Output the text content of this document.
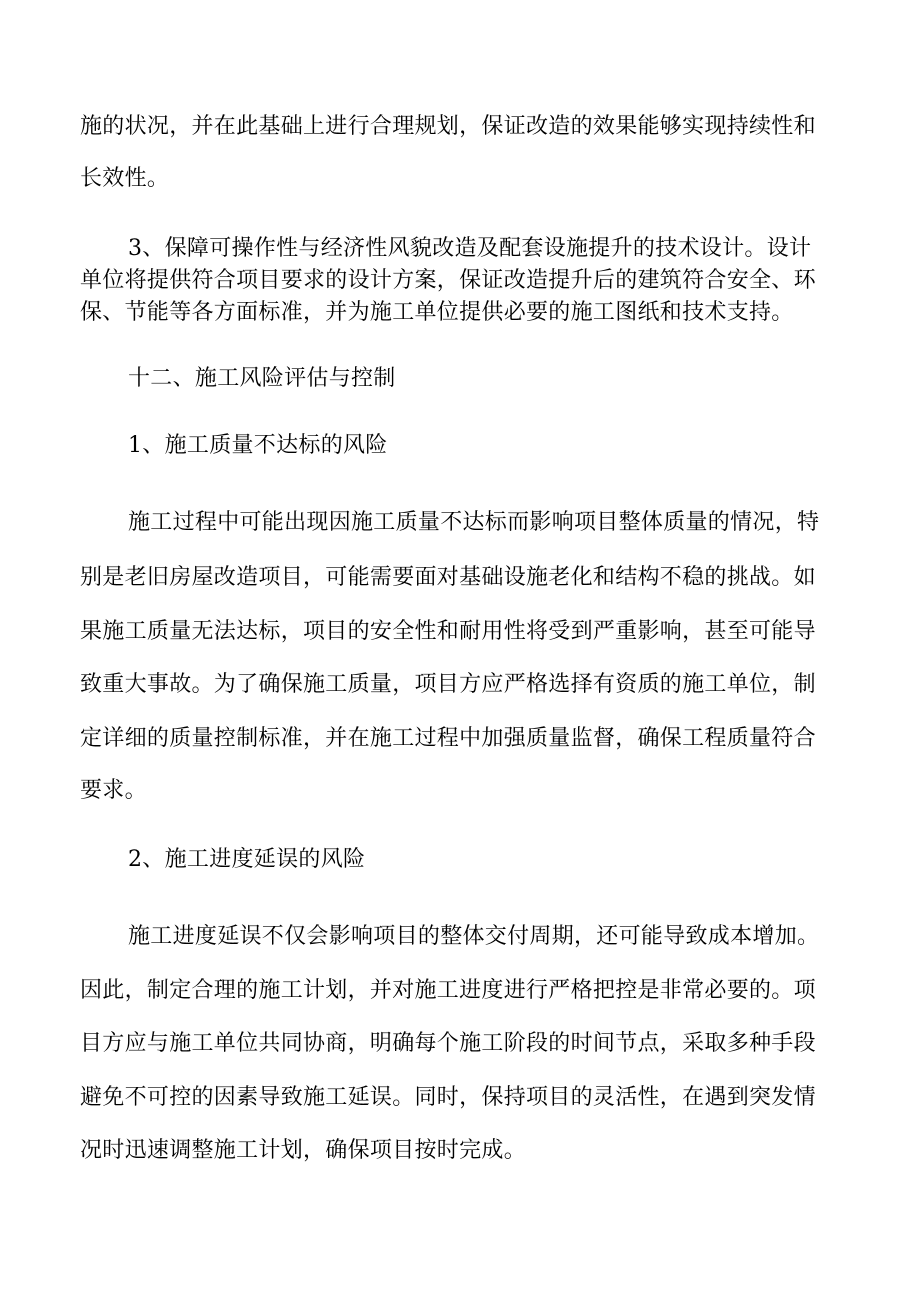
施的状况，并在此基础上进行合理规划，保证改造的效果能够实现持续性和
长效性。
3、保障可操作性与经济性风貌改造及配套设施提升的技术设计。设计
单位将提供符合项目要求的设计方案，保证改造提升后的建筑符合安全、环
保、节能等各方面标准，并为施工单位提供必要的施工图纸和技术支持。
十二、施工风险评估与控制
1、施工质量不达标的风险
施工过程中可能出现因施工质量不达标而影响项目整体质量的情况，特
别是老旧房屋改造项目，可能需要面对基础设施老化和结构不稳的挑战。如
果施工质量无法达标，项目的安全性和耐用性将受到严重影响，甚至可能导
致重大事故。为了确保施工质量，项目方应严格选择有资质的施工单位，制
定详细的质量控制标准，并在施工过程中加强质量监督，确保工程质量符合
要求。
2、施工进度延误的风险
施工进度延误不仅会影响项目的整体交付周期，还可能导致成本增加。
因此，制定合理的施工计划，并对施工进度进行严格把控是非常必要的。项
目方应与施工单位共同协商，明确每个施工阶段的时间节点，采取多种手段
避免不可控的因素导致施工延误。同时，保持项目的灵活性，在遇到突发情
况时迅速调整施工计划，确保项目按时完成。
